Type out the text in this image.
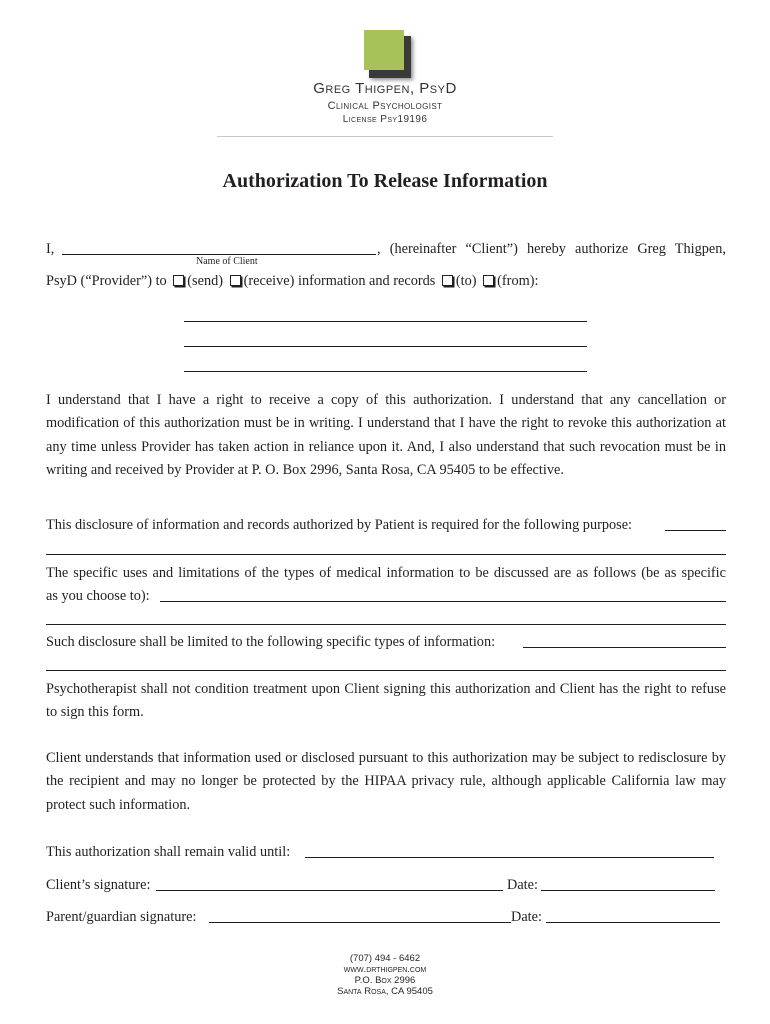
Greg Thigpen, PsyD
Clinical Psychologist
License Psy19196
Authorization To Release Information
I,
Name of Client
, (hereinafter “Client”) hereby authorize Greg Thigpen,
PsyD (“Provider”) to (send) (receive) information and records (to) (from):
I understand that I have a right to receive a copy of this authorization. I understand that any cancellation or modification of this authorization must be in writing. I understand that I have the right to revoke this authorization at any time unless Provider has taken action in reliance upon it. And, I also understand that such revocation must be in writing and received by Provider at P. O. Box 2996, Santa Rosa, CA 95405 to be effective.
This disclosure of information and records authorized by Patient is required for the following purpose:
The specific uses and limitations of the types of medical information to be discussed are as follows (be as specific
as you choose to):
Such disclosure shall be limited to the following specific types of information:
Psychotherapist shall not condition treatment upon Client signing this authorization and Client has the right to refuse to sign this form.
Client understands that information used or disclosed pursuant to this authorization may be subject to redisclosure by the recipient and may no longer be protected by the HIPAA privacy rule, although applicable California law may protect such information.
This authorization shall remain valid until:
Client’s signature:	Date:
Parent/guardian signature:	Date:
(707) 494 - 6462
www.drthigpen.com
P.O. Box 2996
Santa Rosa, CA 95405
